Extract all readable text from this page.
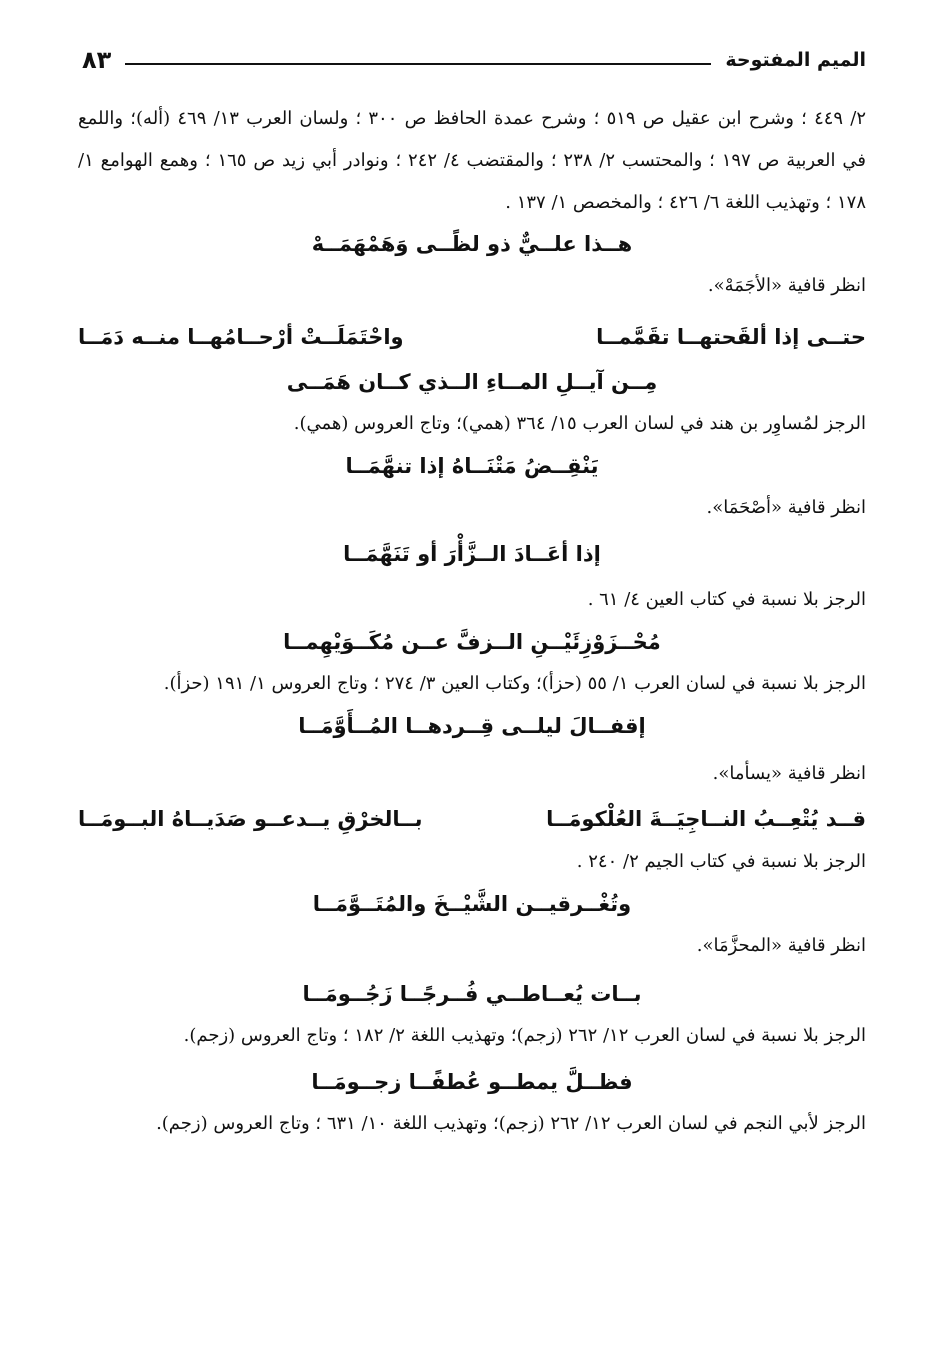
الميم المفتوحة
٨٣

٢/ ٤٤٩ ؛ وشرح ابن عقيل ص ٥١٩ ؛ وشرح عمدة الحافظ ص ٣٠٠ ؛ ولسان العرب ١٣/ ٤٦٩ (أله)؛ واللمع في العربية ص ١٩٧ ؛ والمحتسب ٢/ ٢٣٨ ؛ والمقتضب ٤/ ٢٤٢ ؛ ونوادر أبي زيد ص ١٦٥ ؛ وهمع الهوامع ١/ ١٧٨ ؛ وتهذيب اللغة ٦/ ٤٢٦ ؛ والمخصص ١/ ١٣٧ .

هــذا علــيٌّ ذو لظًــى وَهَمْهَمَــهْ

انظر قافية «الأجَمَهْ».

حتــى إذا ألقَحتهــا تقَمَّمــا
واحْتَمَلَــتْ أرْحــامُهــا منــه دَمَــا

مِــن آيــلِ المــاءِ الــذي كــان هَمَــى

الرجز لمُساوِر بن هند في لسان العرب ١٥/ ٣٦٤ (همي)؛ وتاج العروس (همي).

يَنْقِــضُ مَتْنَــاهُ إذا تنهَّمَــا

انظر قافية «أصْحَمَا».

إذا أعَــادَ الــزَّأْرَ أو تَنَهَّمَــا

الرجز بلا نسبة في كتاب العين ٤/ ٦١ .

مُحْــزَوْزِئَيْــنِ الــزفَّ عــن مُكَــوَيْهِمــا

الرجز بلا نسبة في لسان العرب ١/ ٥٥ (حزأ)؛ وكتاب العين ٣/ ٢٧٤ ؛ وتاج العروس ١/ ١٩١ (حزأ).

إقفــالَ ليلــى قِــردهــا المُــأَوَّمَــا

انظر قافية «يسأما».

قــد يُتْعِــبُ النــاجِيَــةَ العُلْكومَــا
بــالخرْقِ يــدعــو صَدَيــاهُ البــومَــا

الرجز بلا نسبة في كتاب الجيم ٢/ ٢٤٠ .

وتُغْــرقيــن الشَّيْــخَ والمُتَــوَّمَــا

انظر قافية «المحزَّمَا».

بــات يُعــاطــي فُــرجًــا زَجُــومَــا

الرجز بلا نسبة في لسان العرب ١٢/ ٢٦٢ (زجم)؛ وتهذيب اللغة ٢/ ١٨٢ ؛ وتاج العروس (زجم).

فظــلَّ يمطــو عُطفًــا زجــومَــا

الرجز لأبي النجم في لسان العرب ١٢/ ٢٦٢ (زجم)؛ وتهذيب اللغة ١٠/ ٦٣١ ؛ وتاج العروس (زجم).
